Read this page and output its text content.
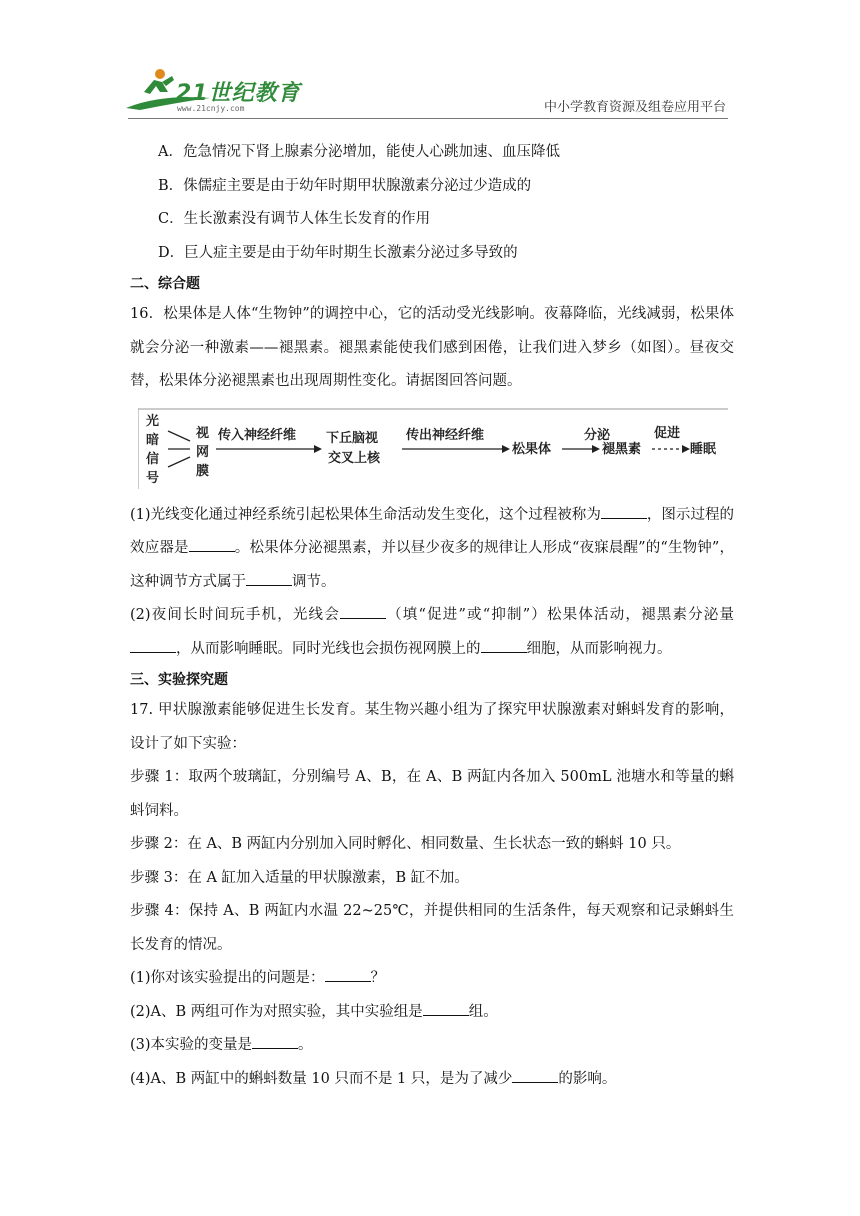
21世纪教育
www.21cnjy.com	中小学教育资源及组卷应用平台
A．危急情况下肾上腺素分泌增加，能使人心跳加速、血压降低
B．侏儒症主要是由于幼年时期甲状腺激素分泌过少造成的
C．生长激素没有调节人体生长发育的作用
D．巨人症主要是由于幼年时期生长激素分泌过多导致的
二、综合题
16．松果体是人体“生物钟”的调控中心，它的活动受光线影响。夜幕降临，光线减弱，松果体就会分泌一种激素——褪黑素。褪黑素能使我们感到困倦，让我们进入梦乡（如图）。昼夜交替，松果体分泌褪黑素也出现周期性变化。请据图回答问题。
光
暗
信
号
视
网
膜
传入神经纤维 下丘脑视
交叉上核
传出神经纤维
松果体
分泌
褪黑素
促进
睡眠
(1)光线变化通过神经系统引起松果体生命活动发生变化，这个过程被称为	，图示过程的效应器是	。松果体分泌褪黑素，并以昼少夜多的规律让人形成“夜寐晨醒”的“生物钟”，这种调节方式属于	调节。
(2)夜间长时间玩手机，光线会	（填“促进”或“抑制”）松果体活动，褪黑素分泌量，从而影响睡眠。同时光线也会损伤视网膜上的	细胞，从而影响视力。
三、实验探究题
17. 甲状腺激素能够促进生长发育。某生物兴趣小组为了探究甲状腺激素对蝌蚪发育的影响，设计了如下实验：
步骤 1：取两个玻璃缸，分别编号 A、B，在 A、B 两缸内各加入 500mL 池塘水和等量的蝌蚪饲料。
步骤 2：在 A、B 两缸内分别加入同时孵化、相同数量、生长状态一致的蝌蚪 10 只。
步骤 3：在 A 缸加入适量的甲状腺激素，B 缸不加。
步骤 4：保持 A、B 两缸内水温 22~25℃，并提供相同的生活条件，每天观察和记录蝌蚪生长发育的情况。
(1)你对该实验提出的问题是：	？
(2)A、B 两组可作为对照实验，其中实验组是	组。
(3)本实验的变量是	。
(4)A、B 两缸中的蝌蚪数量 10 只而不是 1 只，是为了减少	的影响。
